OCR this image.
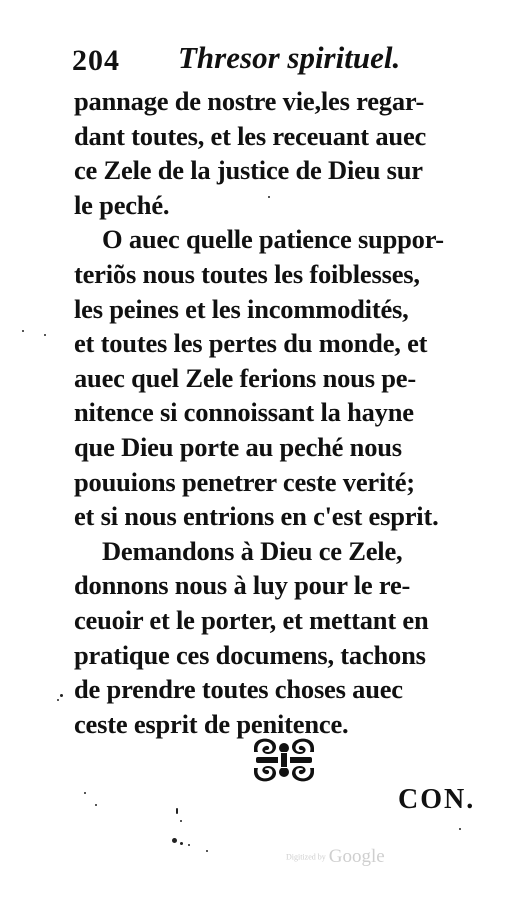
204 Thresor spirituel.
pannage de nostre vie,les regar-
dant toutes, et les receuant auec
ce Zele de la justice de Dieu sur
le peché.
O auec quelle patience suppor-
teriõs nous toutes les foiblesses,
les peines et les incommodités,
et toutes les pertes du monde, et
auec quel Zele ferions nous pe-
nitence si connoissant la hayne
que Dieu porte au peché nous
pouuions penetrer ceste verité;
et si nous entrions en c'est esprit.
Demandons à Dieu ce Zele,
donnons nous à luy pour le re-
ceuoir et le porter, et mettant en
pratique ces documens, tachons
de prendre toutes choses auec
ceste esprit de penitence.
CON.
Digitized by Google
